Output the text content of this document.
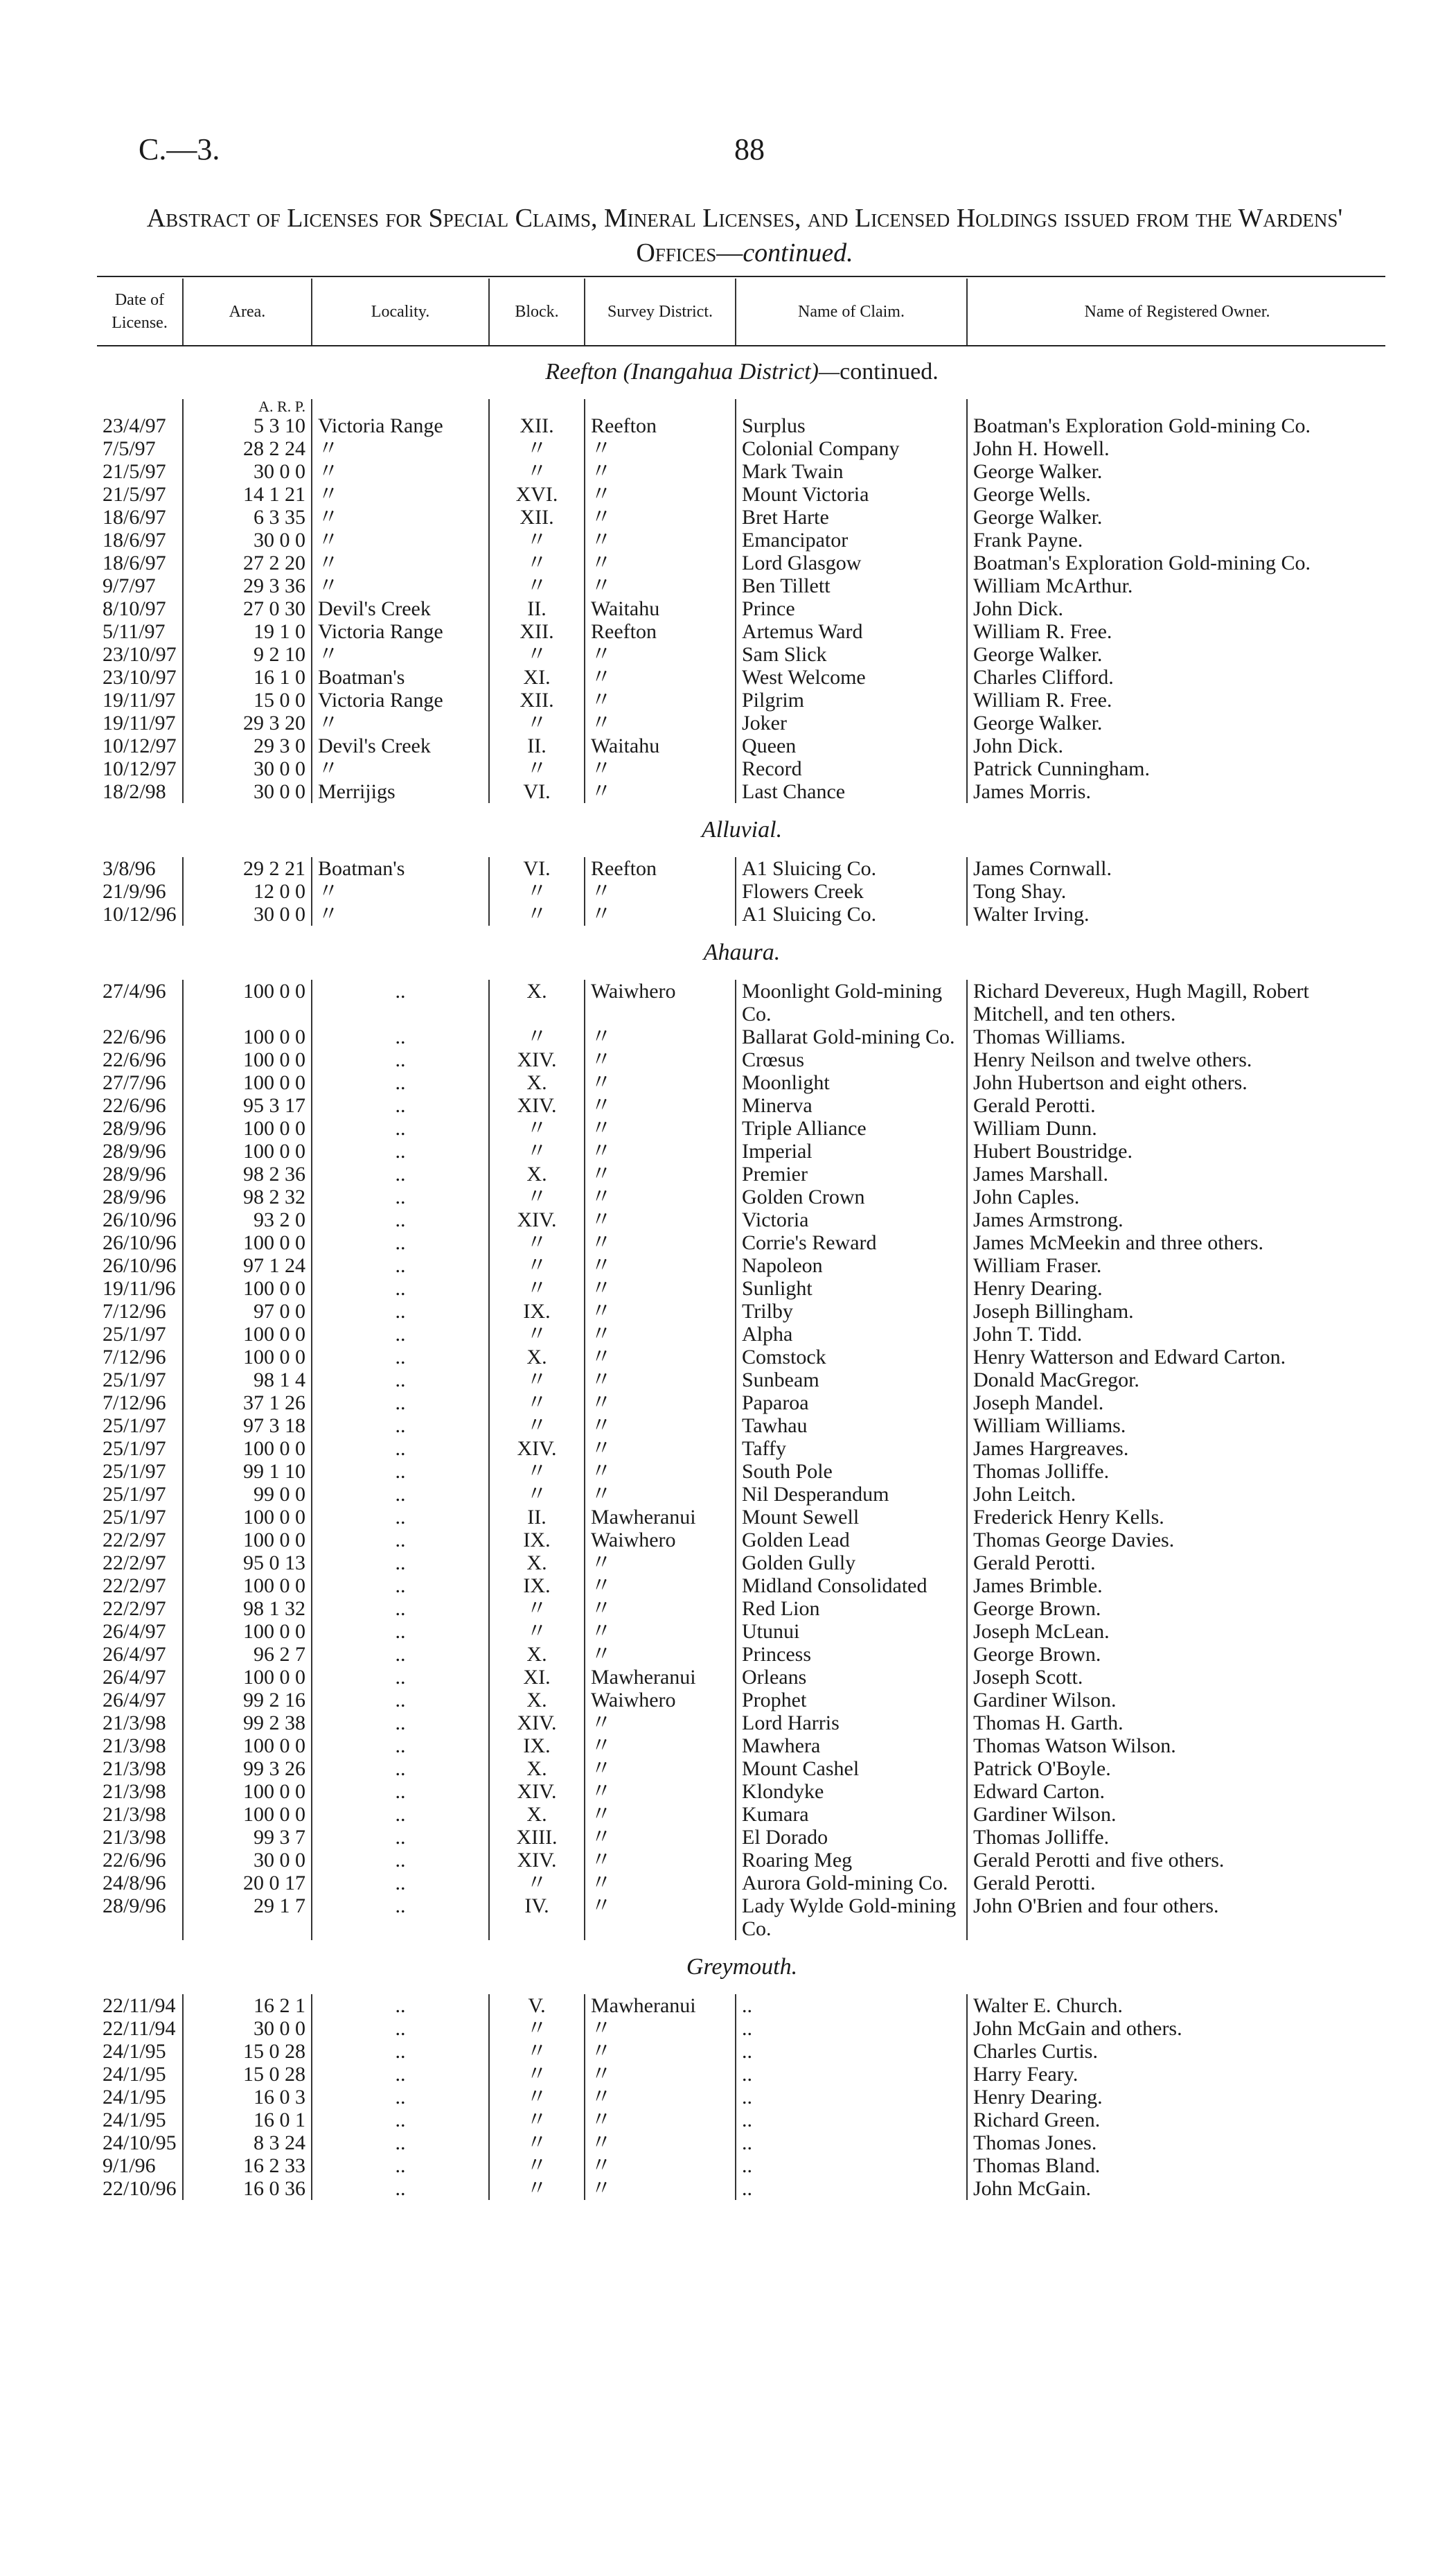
C.—3.	88
Abstract of Licenses for Special Claims, Mineral Licenses, and Licensed Holdings issued from the Wardens' Offices—continued.
Date of License.	Area.	Locality.	Block.	Survey District.	Name of Claim.	Name of Registered Owner.
Reefton (Inangahua District)—continued.						
	A. R. P.					
23/4/97	5 3 10	Victoria Range	XII.	Reefton	Surplus	Boatman's Exploration Gold-mining Co.
7/5/97	28 2 24	〃	〃	〃	Colonial Company	John H. Howell.
21/5/97	30 0 0	〃	〃	〃	Mark Twain	George Walker.
21/5/97	14 1 21	〃	XVI.	〃	Mount Victoria	George Wells.
18/6/97	6 3 35	〃	XII.	〃	Bret Harte	George Walker.
18/6/97	30 0 0	〃	〃	〃	Emancipator	Frank Payne.
18/6/97	27 2 20	〃	〃	〃	Lord Glasgow	Boatman's Exploration Gold-mining Co.
9/7/97	29 3 36	〃	〃	〃	Ben Tillett	William McArthur.
8/10/97	27 0 30	Devil's Creek	II.	Waitahu	Prince	John Dick.
5/11/97	19 1 0	Victoria Range	XII.	Reefton	Artemus Ward	William R. Free.
23/10/97	9 2 10	〃	〃	〃	Sam Slick	George Walker.
23/10/97	16 1 0	Boatman's	XI.	〃	West Welcome	Charles Clifford.
19/11/97	15 0 0	Victoria Range	XII.	〃	Pilgrim	William R. Free.
19/11/97	29 3 20	〃	〃	〃	Joker	George Walker.
10/12/97	29 3 0	Devil's Creek	II.	Waitahu	Queen	John Dick.
10/12/97	30 0 0	〃	〃	〃	Record	Patrick Cunningham.
18/2/98	30 0 0	Merrijigs	VI.	〃	Last Chance	James Morris.
Alluvial.						
3/8/96	29 2 21	Boatman's	VI.	Reefton	A1 Sluicing Co.	James Cornwall.
21/9/96	12 0 0	〃	〃	〃	Flowers Creek	Tong Shay.
10/12/96	30 0 0	〃	〃	〃	A1 Sluicing Co.	Walter Irving.
Ahaura.						
27/4/96	100 0 0	..	X.	Waiwhero	Moonlight Gold-mining Co.	Richard Devereux, Hugh Magill, Robert Mitchell, and ten others.
22/6/96	100 0 0	..	〃	〃	Ballarat Gold-mining Co.	Thomas Williams.
22/6/96	100 0 0	..	XIV.	〃	Crœsus	Henry Neilson and twelve others.
27/7/96	100 0 0	..	X.	〃	Moonlight	John Hubertson and eight others.
22/6/96	95 3 17	..	XIV.	〃	Minerva	Gerald Perotti.
28/9/96	100 0 0	..	〃	〃	Triple Alliance	William Dunn.
28/9/96	100 0 0	..	〃	〃	Imperial	Hubert Boustridge.
28/9/96	98 2 36	..	X.	〃	Premier	James Marshall.
28/9/96	98 2 32	..	〃	〃	Golden Crown	John Caples.
26/10/96	93 2 0	..	XIV.	〃	Victoria	James Armstrong.
26/10/96	100 0 0	..	〃	〃	Corrie's Reward	James McMeekin and three others.
26/10/96	97 1 24	..	〃	〃	Napoleon	William Fraser.
19/11/96	100 0 0	..	〃	〃	Sunlight	Henry Dearing.
7/12/96	97 0 0	..	IX.	〃	Trilby	Joseph Billingham.
25/1/97	100 0 0	..	〃	〃	Alpha	John T. Tidd.
7/12/96	100 0 0	..	X.	〃	Comstock	Henry Watterson and Edward Carton.
25/1/97	98 1 4	..	〃	〃	Sunbeam	Donald MacGregor.
7/12/96	37 1 26	..	〃	〃	Paparoa	Joseph Mandel.
25/1/97	97 3 18	..	〃	〃	Tawhau	William Williams.
25/1/97	100 0 0	..	XIV.	〃	Taffy	James Hargreaves.
25/1/97	99 1 10	..	〃	〃	South Pole	Thomas Jolliffe.
25/1/97	99 0 0	..	〃	〃	Nil Desperandum	John Leitch.
25/1/97	100 0 0	..	II.	Mawheranui	Mount Sewell	Frederick Henry Kells.
22/2/97	100 0 0	..	IX.	Waiwhero	Golden Lead	Thomas George Davies.
22/2/97	95 0 13	..	X.	〃	Golden Gully	Gerald Perotti.
22/2/97	100 0 0	..	IX.	〃	Midland Consolidated	James Brimble.
22/2/97	98 1 32	..	〃	〃	Red Lion	George Brown.
26/4/97	100 0 0	..	〃	〃	Utunui	Joseph McLean.
26/4/97	96 2 7	..	X.	〃	Princess	George Brown.
26/4/97	100 0 0	..	XI.	Mawheranui	Orleans	Joseph Scott.
26/4/97	99 2 16	..	X.	Waiwhero	Prophet	Gardiner Wilson.
21/3/98	99 2 38	..	XIV.	〃	Lord Harris	Thomas H. Garth.
21/3/98	100 0 0	..	IX.	〃	Mawhera	Thomas Watson Wilson.
21/3/98	99 3 26	..	X.	〃	Mount Cashel	Patrick O'Boyle.
21/3/98	100 0 0	..	XIV.	〃	Klondyke	Edward Carton.
21/3/98	100 0 0	..	X.	〃	Kumara	Gardiner Wilson.
21/3/98	99 3 7	..	XIII.	〃	El Dorado	Thomas Jolliffe.
22/6/96	30 0 0	..	XIV.	〃	Roaring Meg	Gerald Perotti and five others.
24/8/96	20 0 17	..	〃	〃	Aurora Gold-mining Co.	Gerald Perotti.
28/9/96	29 1 7	..	IV.	〃	Lady Wylde Gold-mining Co.	John O'Brien and four others.
Greymouth.						
22/11/94	16 2 1	..	V.	Mawheranui	..	Walter E. Church.
22/11/94	30 0 0	..	〃	〃	..	John McGain and others.
24/1/95	15 0 28	..	〃	〃	..	Charles Curtis.
24/1/95	15 0 28	..	〃	〃	..	Harry Feary.
24/1/95	16 0 3	..	〃	〃	..	Henry Dearing.
24/1/95	16 0 1	..	〃	〃	..	Richard Green.
24/10/95	8 3 24	..	〃	〃	..	Thomas Jones.
9/1/96	16 2 33	..	〃	〃	..	Thomas Bland.
22/10/96	16 0 36	..	〃	〃	..	John McGain.
